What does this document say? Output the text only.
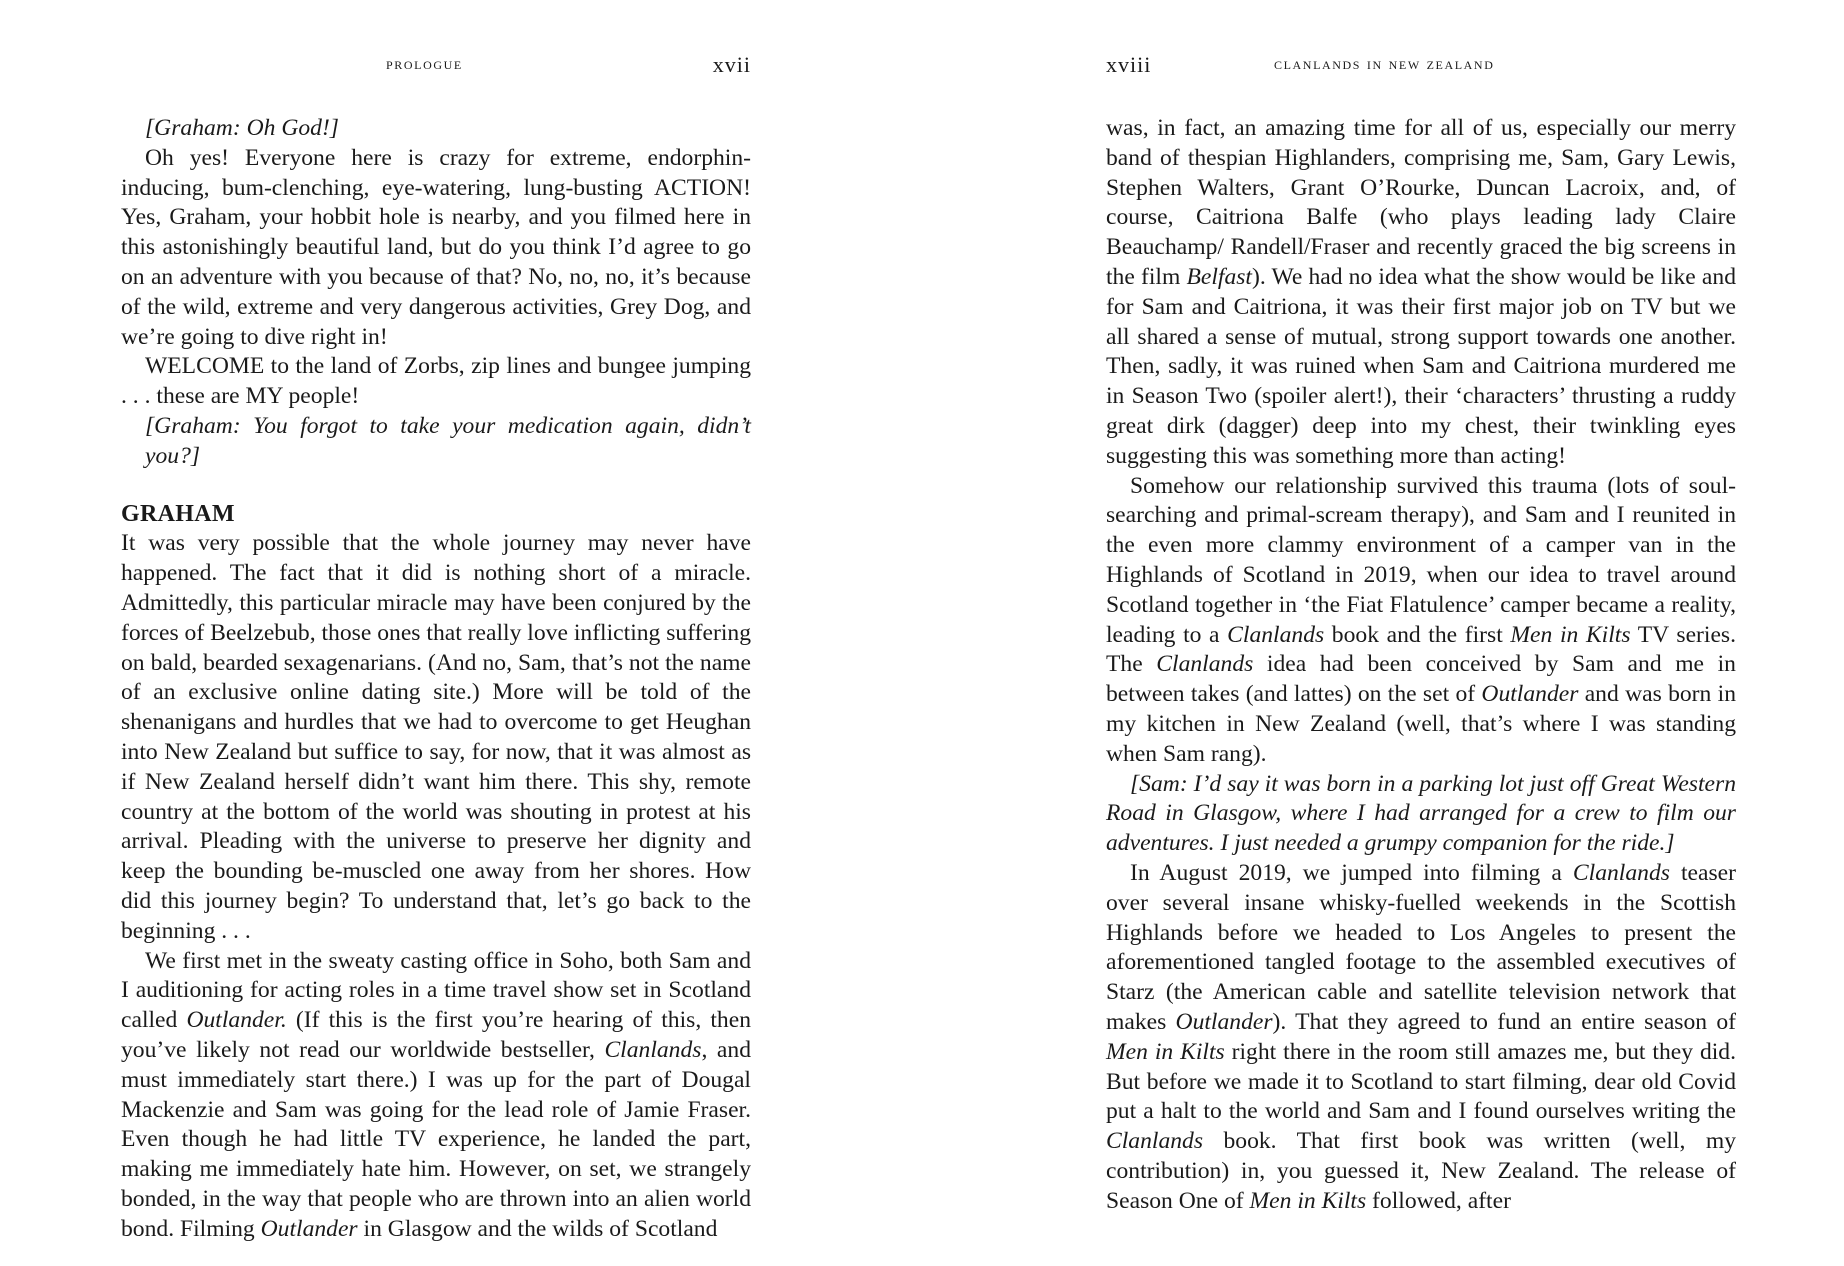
prologue	xvii

[Graham: Oh God!]

Oh yes! Everyone here is crazy for extreme, endorphin-inducing, bum-clenching, eye-watering, lung-busting ACTION! Yes, Graham, your hobbit hole is nearby, and you filmed here in this astonishingly beautiful land, but do you think I’d agree to go on an adventure with you because of that? No, no, no, it’s because of the wild, extreme and very dangerous activities, Grey Dog, and we’re going to dive right in!

WELCOME to the land of Zorbs, zip lines and bungee jumping . . . these are MY people!

[Graham: You forgot to take your medication again, didn’t you?]

GRAHAM

It was very possible that the whole journey may never have happened. The fact that it did is nothing short of a miracle. Admittedly, this particular miracle may have been conjured by the forces of Beelzebub, those ones that really love inflicting suffering on bald, bearded sexagenarians. (And no, Sam, that’s not the name of an exclusive online dating site.) More will be told of the shenanigans and hurdles that we had to overcome to get Heughan into New Zealand but suffice to say, for now, that it was almost as if New Zealand herself didn’t want him there. This shy, remote country at the bottom of the world was shouting in protest at his arrival. Pleading with the universe to preserve her dignity and keep the bounding be-muscled one away from her shores. How did this journey begin? To understand that, let’s go back to the beginning . . .

We first met in the sweaty casting office in Soho, both Sam and I auditioning for acting roles in a time travel show set in Scotland called Outlander. (If this is the first you’re hearing of this, then you’ve likely not read our worldwide bestseller, Clanlands, and must immediately start there.) I was up for the part of Dougal Mackenzie and Sam was going for the lead role of Jamie Fraser. Even though he had little TV experience, he landed the part, making me immediately hate him. However, on set, we strangely bonded, in the way that people who are thrown into an alien world bond. Filming Outlander in Glasgow and the wilds of Scotland

xviii	clanlands in new zealand

was, in fact, an amazing time for all of us, especially our merry band of thespian Highlanders, comprising me, Sam, Gary Lewis, Stephen Walters, Grant O’Rourke, Duncan Lacroix, and, of course, Caitriona Balfe (who plays leading lady Claire Beauchamp/ Randell/Fraser and recently graced the big screens in the film Belfast). We had no idea what the show would be like and for Sam and Caitriona, it was their first major job on TV but we all shared a sense of mutual, strong support towards one another. Then, sadly, it was ruined when Sam and Caitriona murdered me in Season Two (spoiler alert!), their ‘characters’ thrusting a ruddy great dirk (dagger) deep into my chest, their twinkling eyes suggesting this was something more than acting!

Somehow our relationship survived this trauma (lots of soul-searching and primal-scream therapy), and Sam and I reunited in the even more clammy environment of a camper van in the Highlands of Scotland in 2019, when our idea to travel around Scotland together in ‘the Fiat Flatulence’ camper became a reality, leading to a Clanlands book and the first Men in Kilts TV series. The Clanlands idea had been conceived by Sam and me in between takes (and lattes) on the set of Outlander and was born in my kitchen in New Zealand (well, that’s where I was standing when Sam rang).

[Sam: I’d say it was born in a parking lot just off Great Western Road in Glasgow, where I had arranged for a crew to film our adventures. I just needed a grumpy companion for the ride.]

In August 2019, we jumped into filming a Clanlands teaser over several insane whisky-fuelled weekends in the Scottish Highlands before we headed to Los Angeles to present the aforementioned tangled footage to the assembled executives of Starz (the American cable and satellite television network that makes Outlander). That they agreed to fund an entire season of Men in Kilts right there in the room still amazes me, but they did. But before we made it to Scotland to start filming, dear old Covid put a halt to the world and Sam and I found ourselves writing the Clanlands book. That first book was written (well, my contribution) in, you guessed it, New Zealand. The release of Season One of Men in Kilts followed, after
